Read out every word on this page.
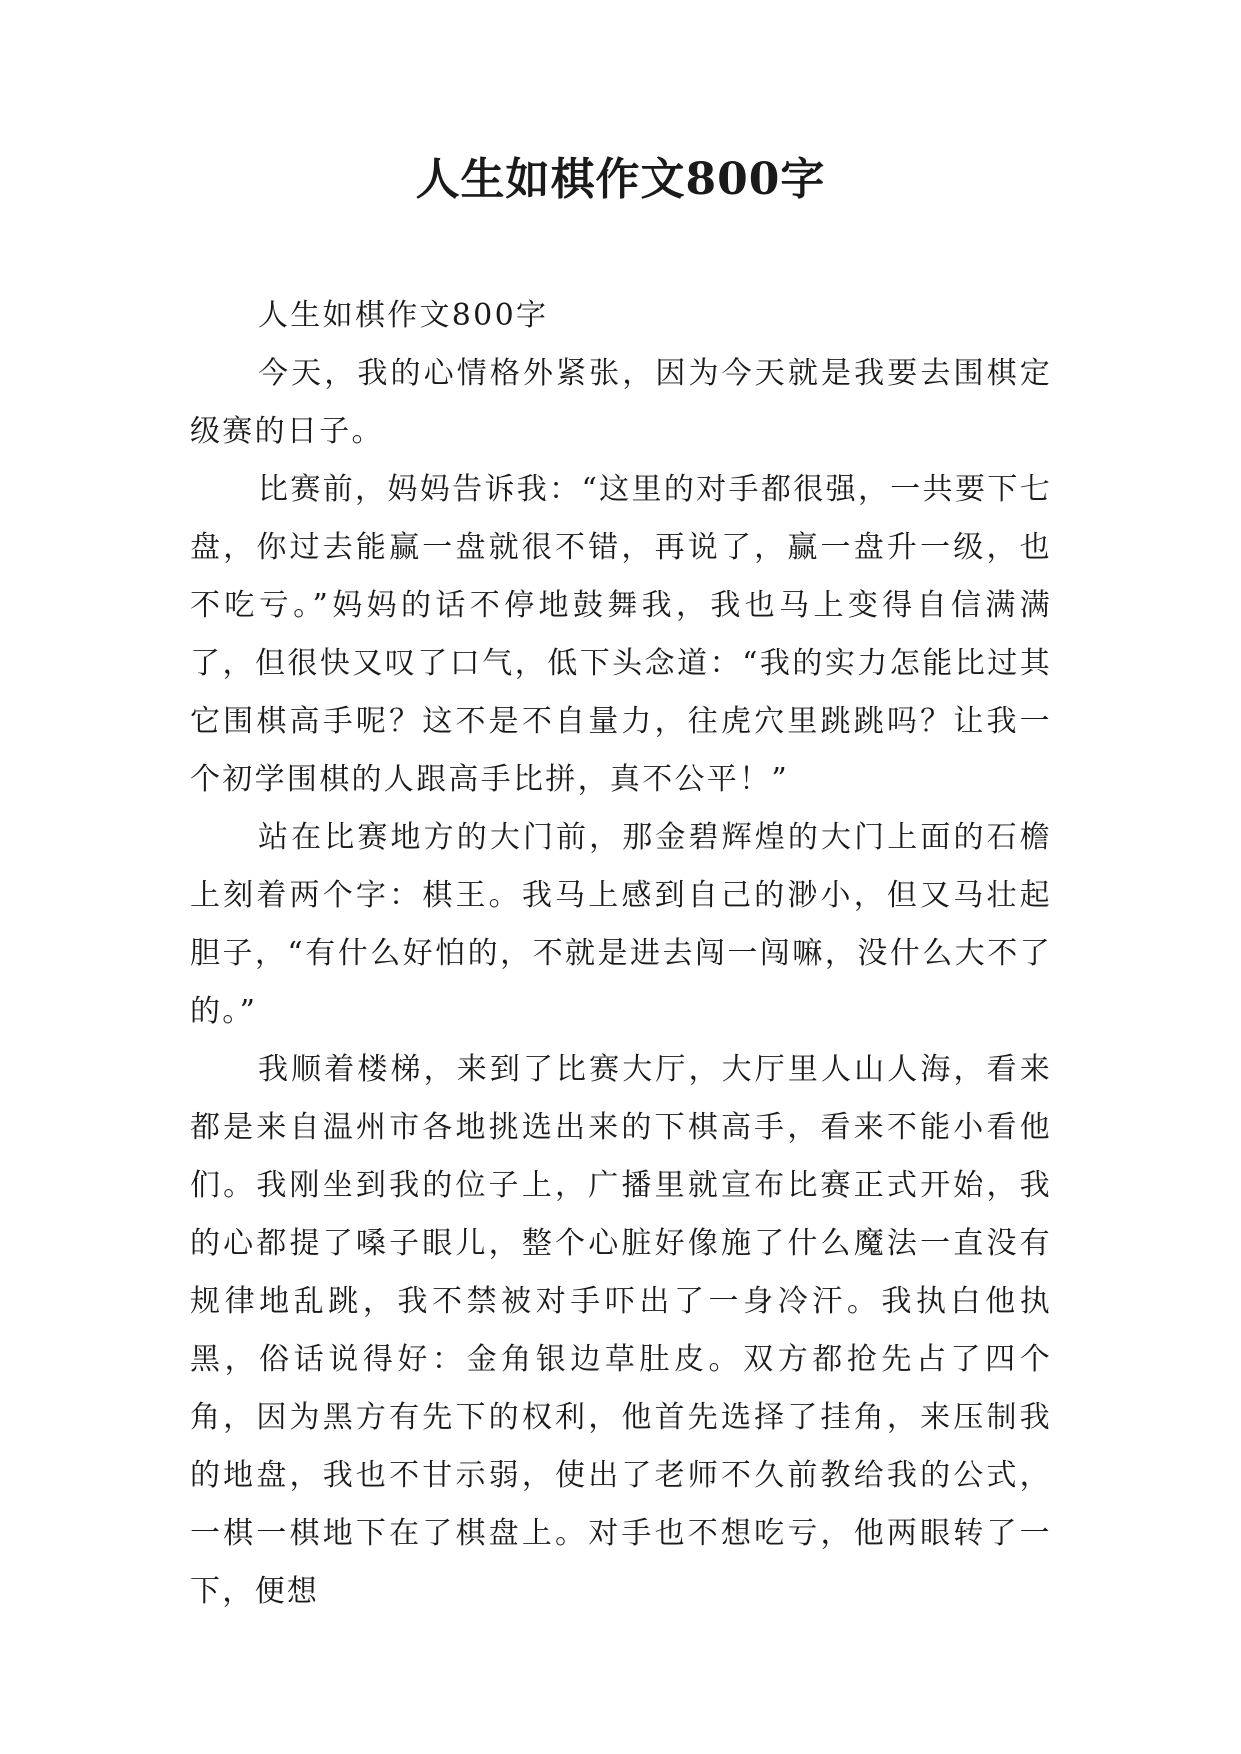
人生如棋作文800字

人生如棋作文800字

今天，我的心情格外紧张，因为今天就是我要去围棋定级赛的日子。

比赛前，妈妈告诉我：“这里的对手都很强，一共要下七盘，你过去能赢一盘就很不错，再说了，赢一盘升一级，也不吃亏。”妈妈的话不停地鼓舞我，我也马上变得自信满满了，但很快又叹了口气，低下头念道：“我的实力怎能比过其它围棋高手呢？这不是不自量力，往虎穴里跳跳吗？让我一个初学围棋的人跟高手比拼，真不公平！”

站在比赛地方的大门前，那金碧辉煌的大门上面的石檐上刻着两个字：棋王。我马上感到自己的渺小，但又马壮起胆子，“有什么好怕的，不就是进去闯一闯嘛，没什么大不了的。”

我顺着楼梯，来到了比赛大厅，大厅里人山人海，看来都是来自温州市各地挑选出来的下棋高手，看来不能小看他们。我刚坐到我的位子上，广播里就宣布比赛正式开始，我的心都提了嗓子眼儿，整个心脏好像施了什么魔法一直没有规律地乱跳，我不禁被对手吓出了一身冷汗。我执白他执黑，俗话说得好：金角银边草肚皮。双方都抢先占了四个角，因为黑方有先下的权利，他首先选择了挂角，来压制我的地盘，我也不甘示弱，使出了老师不久前教给我的公式，一棋一棋地下在了棋盘上。对手也不想吃亏，他两眼转了一下，便想
